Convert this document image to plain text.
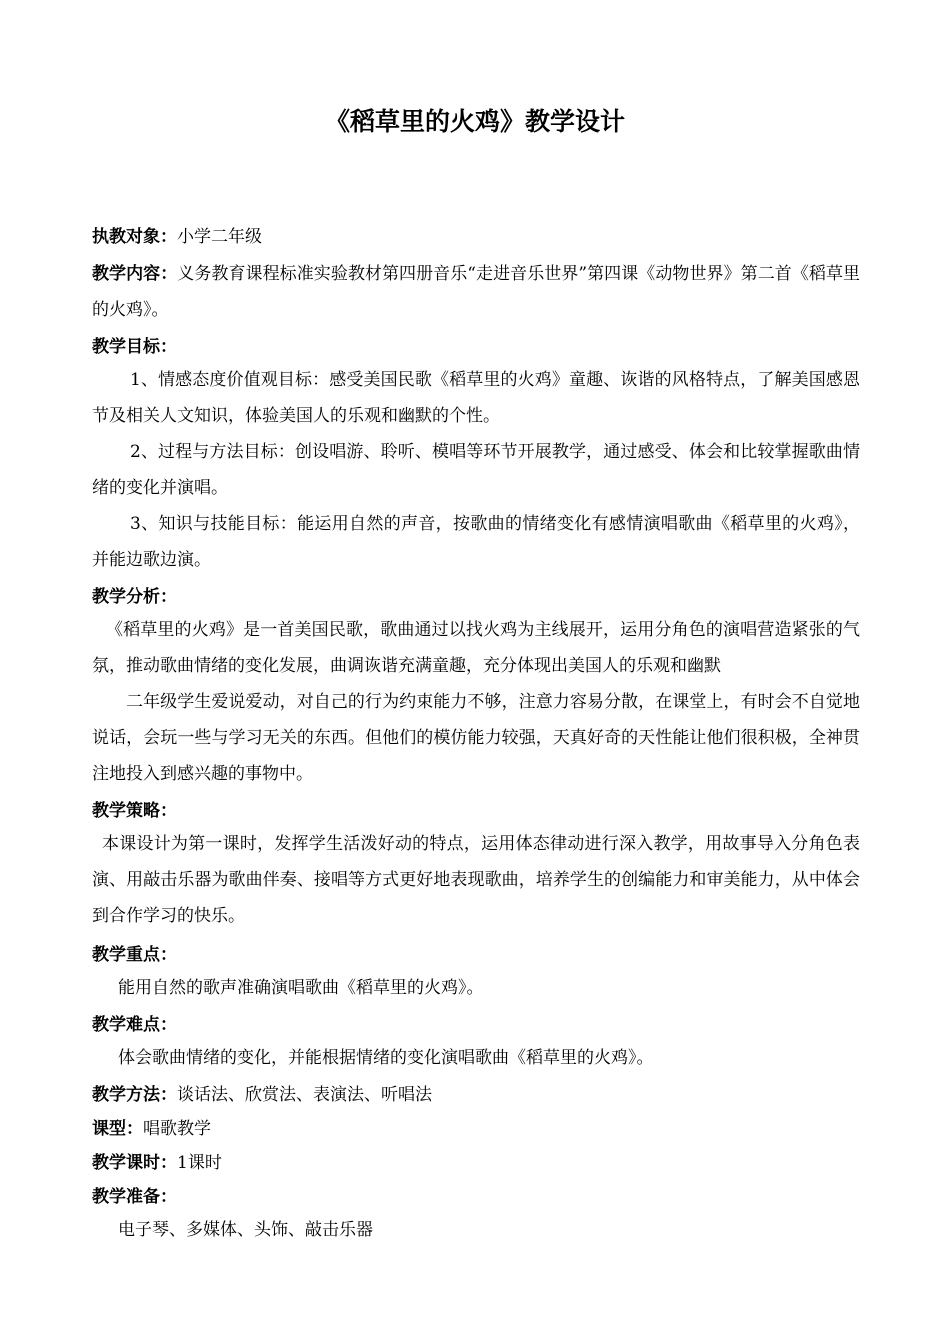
《稻草里的火鸡》教学设计

执教对象：小学二年级

教学内容：义务教育课程标准实验教材第四册音乐“走进音乐世界”第四课《动物世界》第二首《稻草里的火鸡》。

教学目标：

1、情感态度价值观目标：感受美国民歌《稻草里的火鸡》童趣、诙谐的风格特点，了解美国感恩节及相关人文知识，体验美国人的乐观和幽默的个性。

2、过程与方法目标：创设唱游、聆听、模唱等环节开展教学，通过感受、体会和比较掌握歌曲情绪的变化并演唱。

3、知识与技能目标：能运用自然的声音，按歌曲的情绪变化有感情演唱歌曲《稻草里的火鸡》，并能边歌边演。

教学分析：

《稻草里的火鸡》是一首美国民歌，歌曲通过以找火鸡为主线展开，运用分角色的演唱营造紧张的气氛，推动歌曲情绪的变化发展，曲调诙谐充满童趣，充分体现出美国人的乐观和幽默

二年级学生爱说爱动，对自己的行为约束能力不够，注意力容易分散，在课堂上，有时会不自觉地说话，会玩一些与学习无关的东西。但他们的模仿能力较强，天真好奇的天性能让他们很积极，全神贯注地投入到感兴趣的事物中。

教学策略：

本课设计为第一课时，发挥学生活泼好动的特点，运用体态律动进行深入教学，用故事导入分角色表演、用敲击乐器为歌曲伴奏、接唱等方式更好地表现歌曲，培养学生的创编能力和审美能力，从中体会到合作学习的快乐。

教学重点：

能用自然的歌声准确演唱歌曲《稻草里的火鸡》。

教学难点：

体会歌曲情绪的变化，并能根据情绪的变化演唱歌曲《稻草里的火鸡》。

教学方法：谈话法、欣赏法、表演法、听唱法

课型：唱歌教学

教学课时：1课时

教学准备：

电子琴、多媒体、头饰、敲击乐器
